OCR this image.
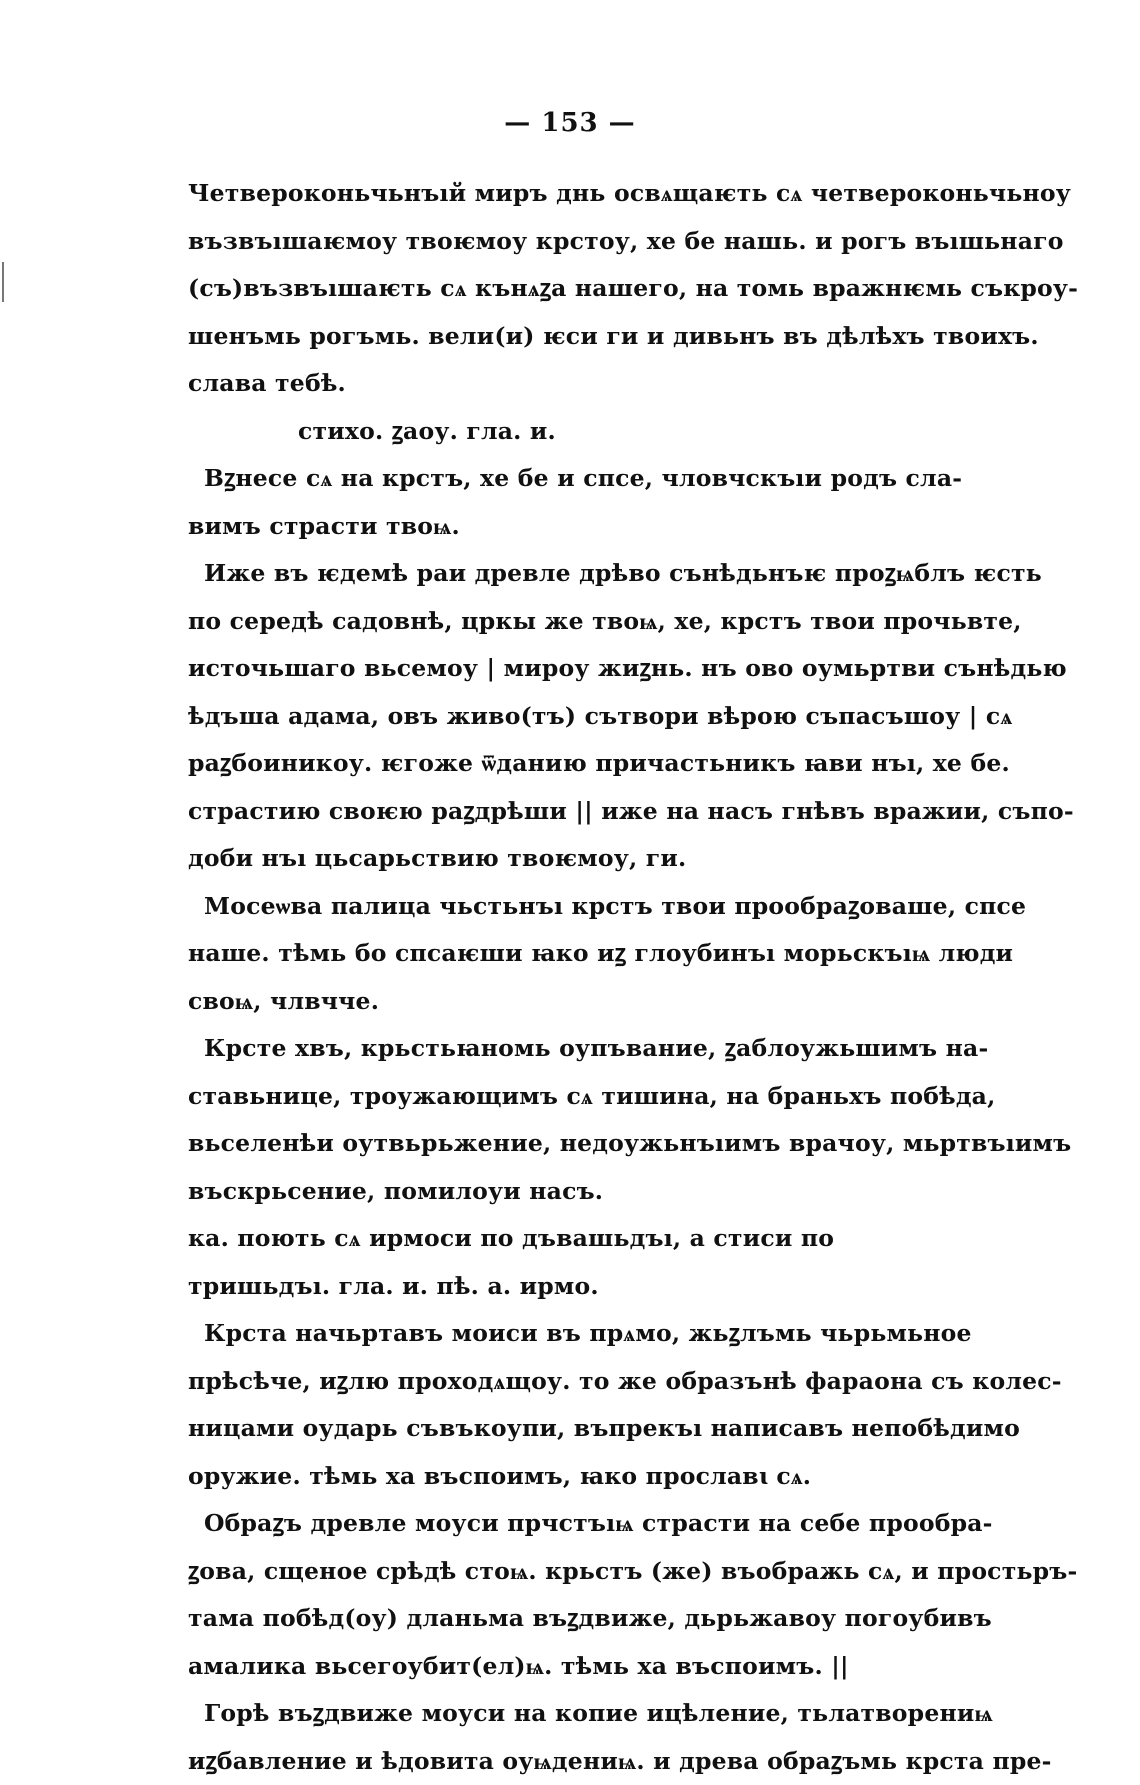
— 153 —
Четвероконьчьнъıй миръ днь освѧщаѥть сѧ четвероконьчьноу
възвъıшаѥмоу твоѥмоу крстоу, хе бе нашь. и рогъ въıшьнаго
(съ)възвъıшаѥть сѧ кънѧꙁа нашего, на томь вражнѥмь съкроу-
шенъмь рогъмь. вели(и) ѥси ги и дивьнъ въ дѣлѣхъ твоихъ.
слава тебѣ.
стихо. ꙁаоу. гла. и.
Вꙁнесе сѧ на крстъ, хе бе и спсе, чловчскъıи родъ сла-
вимъ страсти твоѩ.
Иже въ ѥдемѣ раи древле дрѣво сънѣдьнъѥ проꙁѩблъ ѥсть
по середѣ садовнѣ, цркы же твоѩ, хе, крстъ твои прочьвте,
источьшаго вьсемоу | мироу жиꙁнь. нъ ово оумьртви сънѣдью
ѣдъша адама, овъ живо(тъ) сътвори вѣрою съпасъшоу | сѧ
раꙁбоиникоу. ѥгоже ѿданию причастьникъ ꙗви нъı, хе бе.
страстию своѥю раꙁдрѣши || иже на насъ гнѣвъ вражии, съпо-
доби нъı цьсарьствию твоѥмоу, ги.
Мосеѡва палица чьстьнъı крстъ твои прообраꙁоваше, спсе
наше. тѣмь бо спсаѥши ꙗко иꙁ глоубинъı морьскъıѩ люди
своѩ, члвчче.
Крсте хвъ, крьстьꙗномь оупъвание, ꙁаблоужьшимъ на-
ставьнице, троужающимъ сѧ тишина, на браньхъ побѣда,
вьселенѣи оутвьрьжение, недоужьнъıимъ врачоу, мьртвъıимъ
въскрьсение, помилоуи насъ.
ка. поють сѧ ирмоси по дъвашьдъı, а стиси по
тришьдъı. гла. и. пѣ. а. ирмо.
Крста начьртавъ моиси въ прѧмо, жьꙁлъмь чьрьмьное
прѣсѣче, иꙁлю проходѧщоу. то же образънѣ фараона съ колес-
ницами оударь съвъкоупи, въпрекъı написавъ непобѣдимо
оружие. тѣмь ха въспоимъ, ꙗко прославꙇ сѧ.
Обраꙁъ древле моуси прчстъıѩ страсти на себе прообра-
ꙁова, сщеное срѣдѣ стоѩ. крьстъ (же) въображь сѧ, и простьръ-
тама побѣд(оу) дланьма въꙁдвиже, дьрьжавоу погоубивъ
амалика вьсегоубит(ел)ѩ. тѣмь ха въспоимъ. ||
Горѣ въꙁдвиже моуси на копие ицѣление, тьлатворениѩ
иꙁбавление и ѣдовита оуѩдениѩ. и древа обраꙁъмь крста пре-
